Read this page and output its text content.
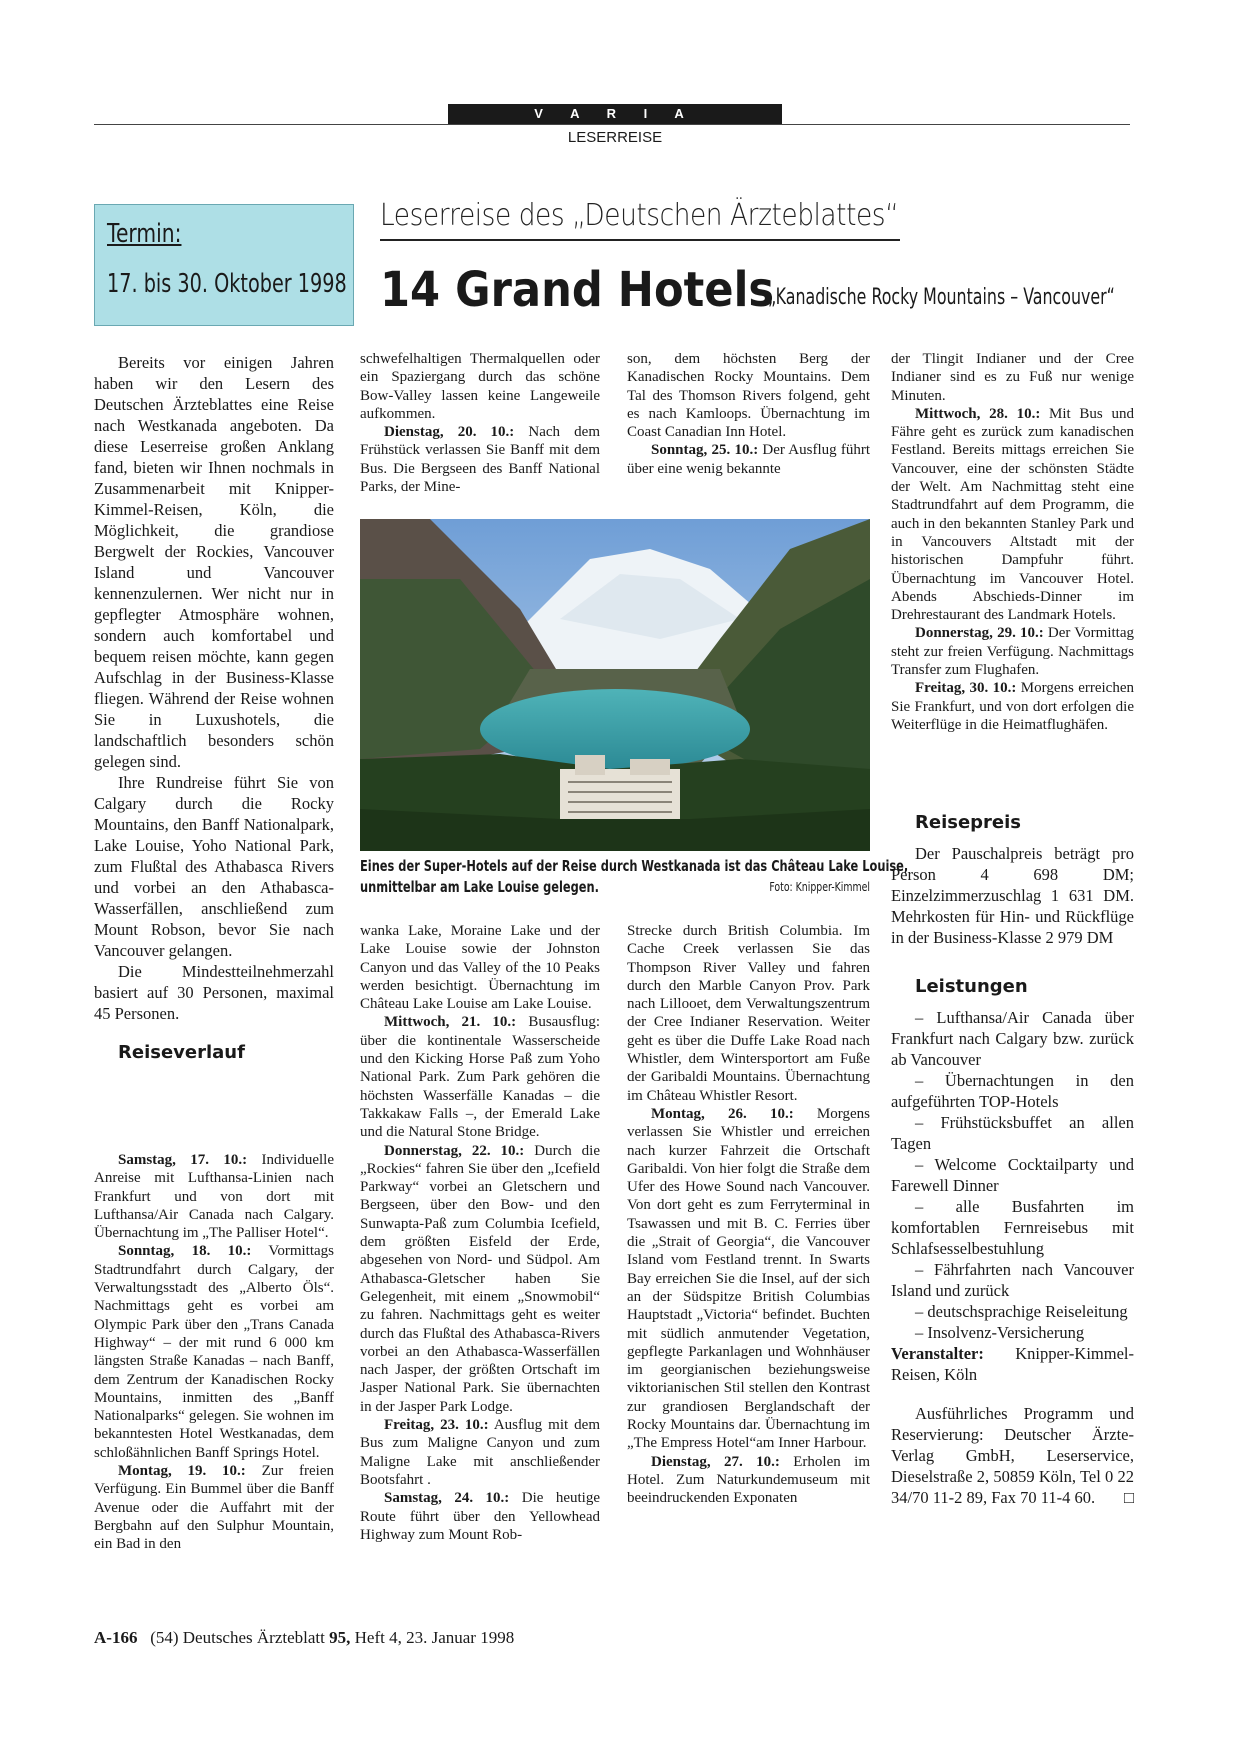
V A R I A
LESERREISE
Termin:
17. bis 30. Oktober 1998
Leserreise des „Deutschen Ärzteblattes“
14 Grand Hotels
„Kanadische Rocky Mountains – Vancouver“

Bereits vor einigen Jahren haben wir den Lesern des Deutschen Ärzteblattes eine Reise nach Westkanada angeboten. Da diese Leserreise großen Anklang fand, bieten wir Ihnen nochmals in Zusammenarbeit mit Knipper-Kimmel-Reisen, Köln, die Möglichkeit, die grandiose Bergwelt der Rockies, Vancouver Island und Vancouver kennenzulernen. Wer nicht nur in gepflegter Atmosphäre wohnen, sondern auch komfortabel und bequem reisen möchte, kann gegen Aufschlag in der Business-Klasse fliegen. Während der Reise wohnen Sie in Luxushotels, die landschaftlich besonders schön gelegen sind.

Ihre Rundreise führt Sie von Calgary durch die Rocky Mountains, den Banff Nationalpark, Lake Louise, Yoho National Park, zum Flußtal des Athabasca Rivers und vorbei an den Athabasca-Wasserfällen, anschließend zum Mount Robson, bevor Sie nach Vancouver gelangen.

Die Mindestteilnehmerzahl basiert auf 30 Personen, maximal 45 Personen.

Reiseverlauf

Samstag, 17. 10.: Individuelle Anreise mit Lufthansa-Linien nach Frankfurt und von dort mit Lufthansa/Air Canada nach Calgary. Übernachtung im „The Palliser Hotel“.

Sonntag, 18. 10.: Vormittags Stadtrundfahrt durch Calgary, der Verwaltungsstadt des „Alberto Öls“. Nachmittags geht es vorbei am Olympic Park über den „Trans Canada Highway“ – der mit rund 6 000 km längsten Straße Kanadas – nach Banff, dem Zentrum der Kanadischen Rocky Mountains, inmitten des „Banff Nationalparks“ gelegen. Sie wohnen im bekanntesten Hotel Westkanadas, dem schloßähnlichen Banff Springs Hotel.

Montag, 19. 10.: Zur freien Verfügung. Ein Bummel über die Banff Avenue oder die Auffahrt mit der Bergbahn auf den Sulphur Mountain, ein Bad in den

schwefelhaltigen Thermalquellen oder ein Spaziergang durch das schöne Bow-Valley lassen keine Langeweile aufkommen.

Dienstag, 20. 10.: Nach dem Frühstück verlassen Sie Banff mit dem Bus. Die Bergseen des Banff National Parks, der Mine-

son, dem höchsten Berg der Kanadischen Rocky Mountains. Dem Tal des Thomson Rivers folgend, geht es nach Kamloops. Übernachtung im Coast Canadian Inn Hotel.

Sonntag, 25. 10.: Der Ausflug führt über eine wenig bekannte

Eines der Super-Hotels auf der Reise durch Westkanada ist das Château Lake Louise,
unmittelbar am Lake Louise gelegen.	Foto: Knipper-Kimmel

wanka Lake, Moraine Lake und der Lake Louise sowie der Johnston Canyon und das Valley of the 10 Peaks werden besichtigt. Übernachtung im Château Lake Louise am Lake Louise.

Mittwoch, 21. 10.: Busausflug: über die kontinentale Wasserscheide und den Kicking Horse Paß zum Yoho National Park. Zum Park gehören die höchsten Wasserfälle Kanadas – die Takkakaw Falls –, der Emerald Lake und die Natural Stone Bridge.

Donnerstag, 22. 10.: Durch die „Rockies“ fahren Sie über den „Icefield Parkway“ vorbei an Gletschern und Bergseen, über den Bow- und den Sunwapta-Paß zum Columbia Icefield, dem größten Eisfeld der Erde, abgesehen von Nord- und Südpol. Am Athabasca-Gletscher haben Sie Gelegenheit, mit einem „Snowmobil“ zu fahren. Nachmittags geht es weiter durch das Flußtal des Athabasca-Rivers vorbei an den Athabasca-Wasserfällen nach Jasper, der größten Ortschaft im Jasper National Park. Sie übernachten in der Jasper Park Lodge.

Freitag, 23. 10.: Ausflug mit dem Bus zum Maligne Canyon und zum Maligne Lake mit anschließender Bootsfahrt .

Samstag, 24. 10.: Die heutige Route führt über den Yellowhead Highway zum Mount Rob-

Strecke durch British Columbia. Im Cache Creek verlassen Sie das Thompson River Valley und fahren durch den Marble Canyon Prov. Park nach Lillooet, dem Verwaltungszentrum der Cree Indianer Reservation. Weiter geht es über die Duffe Lake Road nach Whistler, dem Wintersportort am Fuße der Garibaldi Mountains. Übernachtung im Château Whistler Resort.

Montag, 26. 10.: Morgens verlassen Sie Whistler und erreichen nach kurzer Fahrzeit die Ortschaft Garibaldi. Von hier folgt die Straße dem Ufer des Howe Sound nach Vancouver. Von dort geht es zum Ferryterminal in Tsawassen und mit B. C. Ferries über die „Strait of Georgia“, die Vancouver Island vom Festland trennt. In Swarts Bay erreichen Sie die Insel, auf der sich an der Südspitze British Columbias Hauptstadt „Victoria“ befindet. Buchten mit südlich anmutender Vegetation, gepflegte Parkanlagen und Wohnhäuser im georgianischen beziehungsweise viktorianischen Stil stellen den Kontrast zur grandiosen Berglandschaft der Rocky Mountains dar. Übernachtung im „The Empress Hotel“am Inner Harbour.

Dienstag, 27. 10.: Erholen im Hotel. Zum Naturkundemuseum mit beeindruckenden Exponaten

der Tlingit Indianer und der Cree Indianer sind es zu Fuß nur wenige Minuten.

Mittwoch, 28. 10.: Mit Bus und Fähre geht es zurück zum kanadischen Festland. Bereits mittags erreichen Sie Vancouver, eine der schönsten Städte der Welt. Am Nachmittag steht eine Stadtrundfahrt auf dem Programm, die auch in den bekannten Stanley Park und in Vancouvers Altstadt mit der historischen Dampfuhr führt. Übernachtung im Vancouver Hotel. Abends Abschieds-Dinner im Drehrestaurant des Landmark Hotels.

Donnerstag, 29. 10.: Der Vormittag steht zur freien Verfügung. Nachmittags Transfer zum Flughafen.

Freitag, 30. 10.: Morgens erreichen Sie Frankfurt, und von dort erfolgen die Weiterflüge in die Heimatflughäfen.

Reisepreis

Der Pauschalpreis beträgt pro Person 4 698 DM; Einzelzimmerzuschlag 1 631 DM. Mehrkosten für Hin- und Rückflüge in der Business-Klasse 2 979 DM

Leistungen

– Lufthansa/Air Canada über Frankfurt nach Calgary bzw. zurück ab Vancouver

– Übernachtungen in den aufgeführten TOP-Hotels

– Frühstücksbuffet an allen Tagen

– Welcome Cocktailparty und Farewell Dinner

– alle Busfahrten im komfortablen Fernreisebus mit Schlafsesselbestuhlung

– Fährfahrten nach Vancouver Island und zurück

– deutschsprachige Reiseleitung

– Insolvenz-Versicherung

Veranstalter: Knipper-Kimmel-Reisen, Köln

Ausführliches Programm und Reservierung: Deutscher Ärzte-Verlag GmbH, Leserservice, Dieselstraße 2, 50859 Köln, Tel 0 22 34/70 11-2 89, Fax 70 11-4 60.	□

A-166 (54) Deutsches Ärzteblatt 95, Heft 4, 23. Januar 1998
